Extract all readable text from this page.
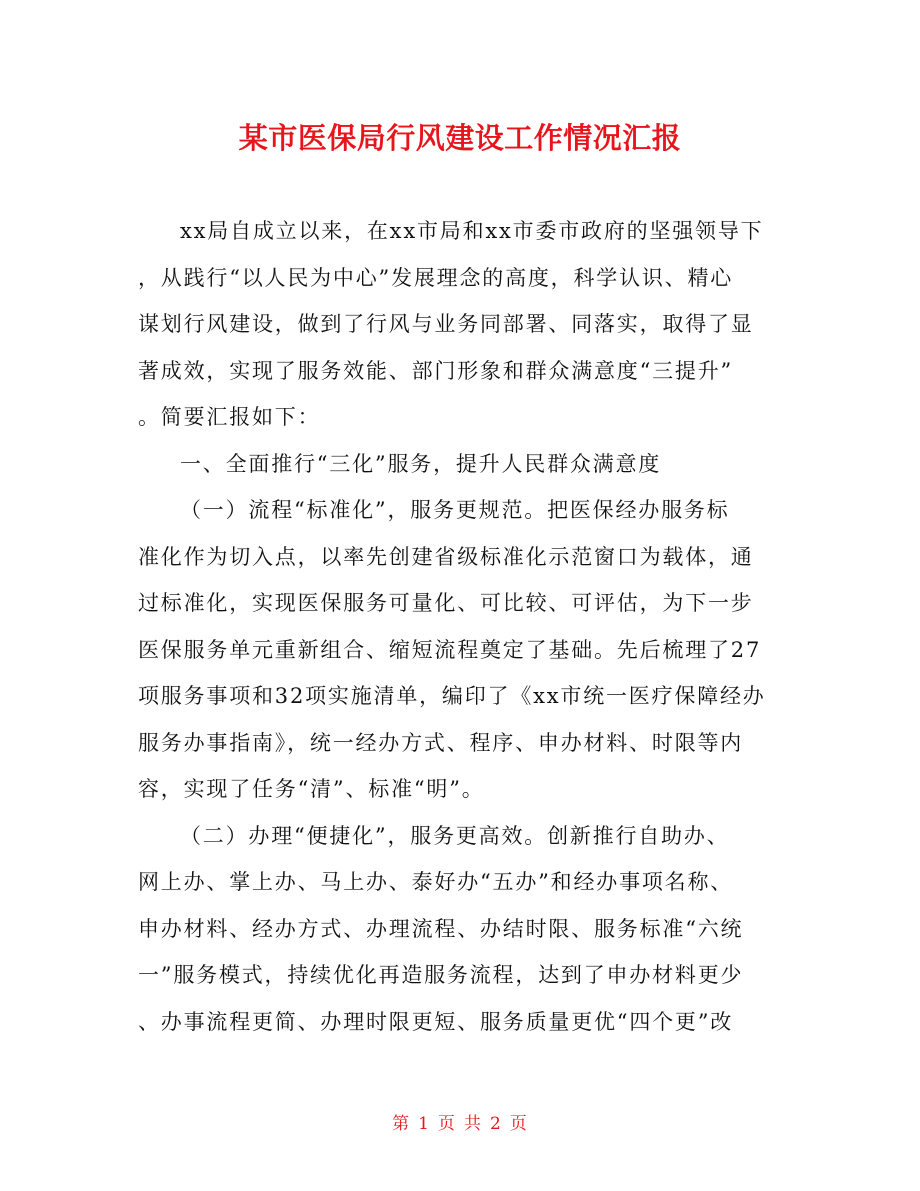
某市医保局行风建设工作情况汇报
xx局自成立以来，在xx市局和xx市委市政府的坚强领导下
，从践行“以人民为中心”发展理念的高度，科学认识、精心
谋划行风建设，做到了行风与业务同部署、同落实，取得了显
著成效，实现了服务效能、部门形象和群众满意度“三提升”
。简要汇报如下：
一、全面推行“三化”服务，提升人民群众满意度
（一）流程“标准化”，服务更规范。把医保经办服务标
准化作为切入点，以率先创建省级标准化示范窗口为载体，通
过标准化，实现医保服务可量化、可比较、可评估，为下一步
医保服务单元重新组合、缩短流程奠定了基础。先后梳理了27
项服务事项和32项实施清单，编印了《xx市统一医疗保障经办
服务办事指南》，统一经办方式、程序、申办材料、时限等内
容，实现了任务“清”、标准“明”。
（二）办理“便捷化”，服务更高效。创新推行自助办、
网上办、掌上办、马上办、泰好办“五办”和经办事项名称、
申办材料、经办方式、办理流程、办结时限、服务标准“六统
一”服务模式，持续优化再造服务流程，达到了申办材料更少
、办事流程更简、办理时限更短、服务质量更优“四个更”改
第 1 页 共 2 页
